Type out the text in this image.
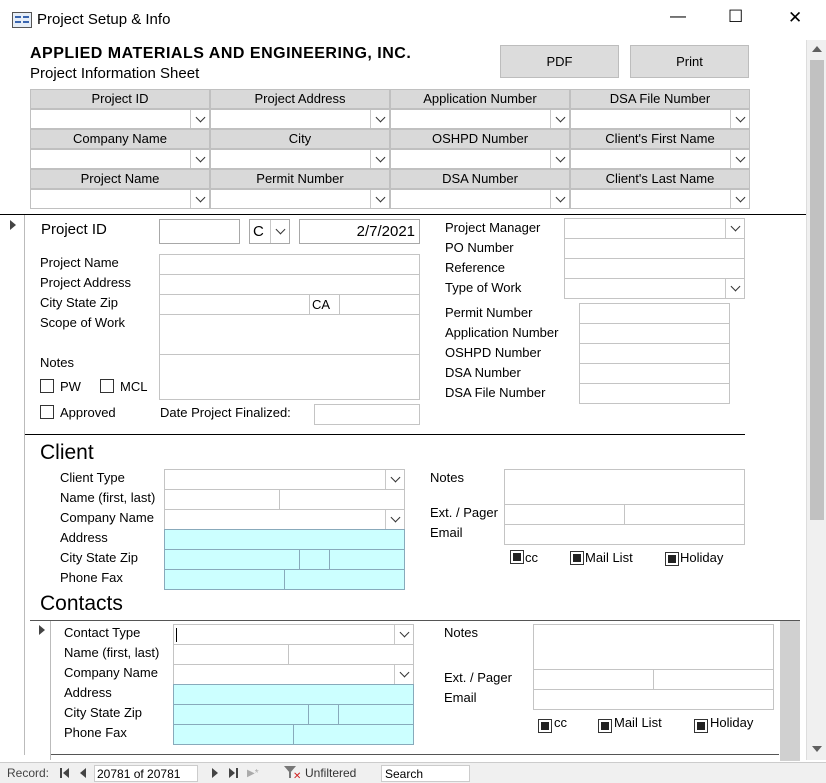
Project Setup & Info	— ☐	✕
APPLIED MATERIALS AND ENGINEERING, INC.
Project Information Sheet
PDF	Print
Project ID	Project Address	Application Number	DSA File Number
Company Name	City	OSHPD Number	Client's First Name
Project Name	Permit Number	DSA Number	Client's Last Name
Project ID	C	2/7/2021
Project Name
Project Address
City State Zip	CA
Scope of Work
Notes
PW	MCL
Approved	Date Project Finalized:
Project Manager
PO Number
Reference
Type of Work
Permit Number
Application Number
OSHPD Number
DSA Number
DSA File Number
Client
Client Type
Name (first, last)
Company Name
Address
City State Zip
Phone Fax
Notes
Ext. / Pager
Email
cc	Mail List	Holiday
Contacts
Contact Type
Name (first, last)
Company Name
Address
City State Zip
Phone Fax
Notes
Ext. / Pager
Email
cc	Mail List	Holiday
Record:	20781 of 20781	▶*	✕ Unfiltered Search
